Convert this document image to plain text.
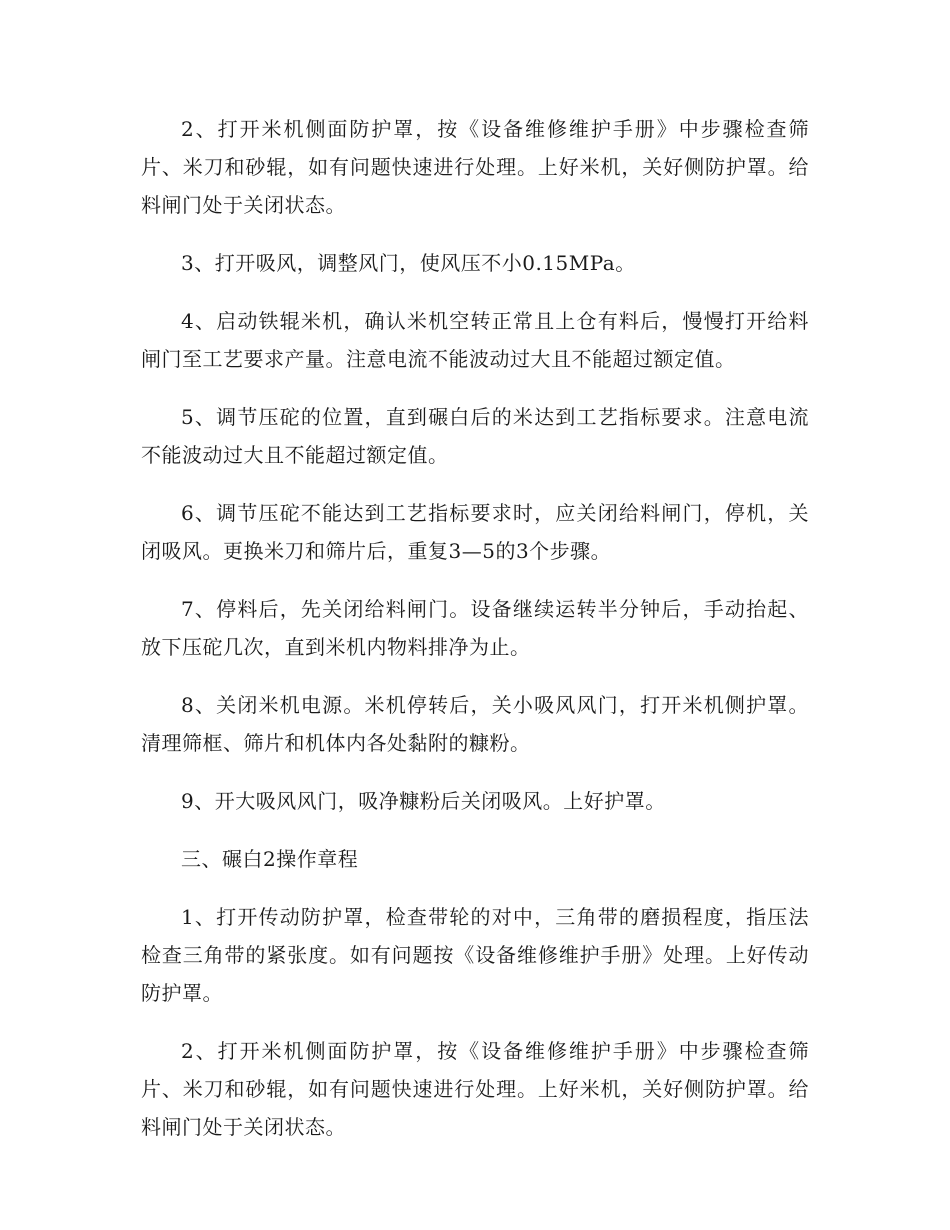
2、打开米机侧面防护罩，按《设备维修维护手册》中步骤检查筛片、米刀和砂辊，如有问题快速进行处理。上好米机，关好侧防护罩。给料闸门处于关闭状态。

3、打开吸风，调整风门，使风压不小0.15MPa。

4、启动铁辊米机，确认米机空转正常且上仓有料后，慢慢打开给料闸门至工艺要求产量。注意电流不能波动过大且不能超过额定值。

5、调节压砣的位置，直到碾白后的米达到工艺指标要求。注意电流不能波动过大且不能超过额定值。

6、调节压砣不能达到工艺指标要求时，应关闭给料闸门，停机，关闭吸风。更换米刀和筛片后，重复3—5的3个步骤。

7、停料后，先关闭给料闸门。设备继续运转半分钟后，手动抬起、放下压砣几次，直到米机内物料排净为止。

8、关闭米机电源。米机停转后，关小吸风风门，打开米机侧护罩。清理筛框、筛片和机体内各处黏附的糠粉。

9、开大吸风风门，吸净糠粉后关闭吸风。上好护罩。

三、碾白2操作章程

1、打开传动防护罩，检查带轮的对中，三角带的磨损程度，指压法检查三角带的紧张度。如有问题按《设备维修维护手册》处理。上好传动防护罩。

2、打开米机侧面防护罩，按《设备维修维护手册》中步骤检查筛片、米刀和砂辊，如有问题快速进行处理。上好米机，关好侧防护罩。给料闸门处于关闭状态。
